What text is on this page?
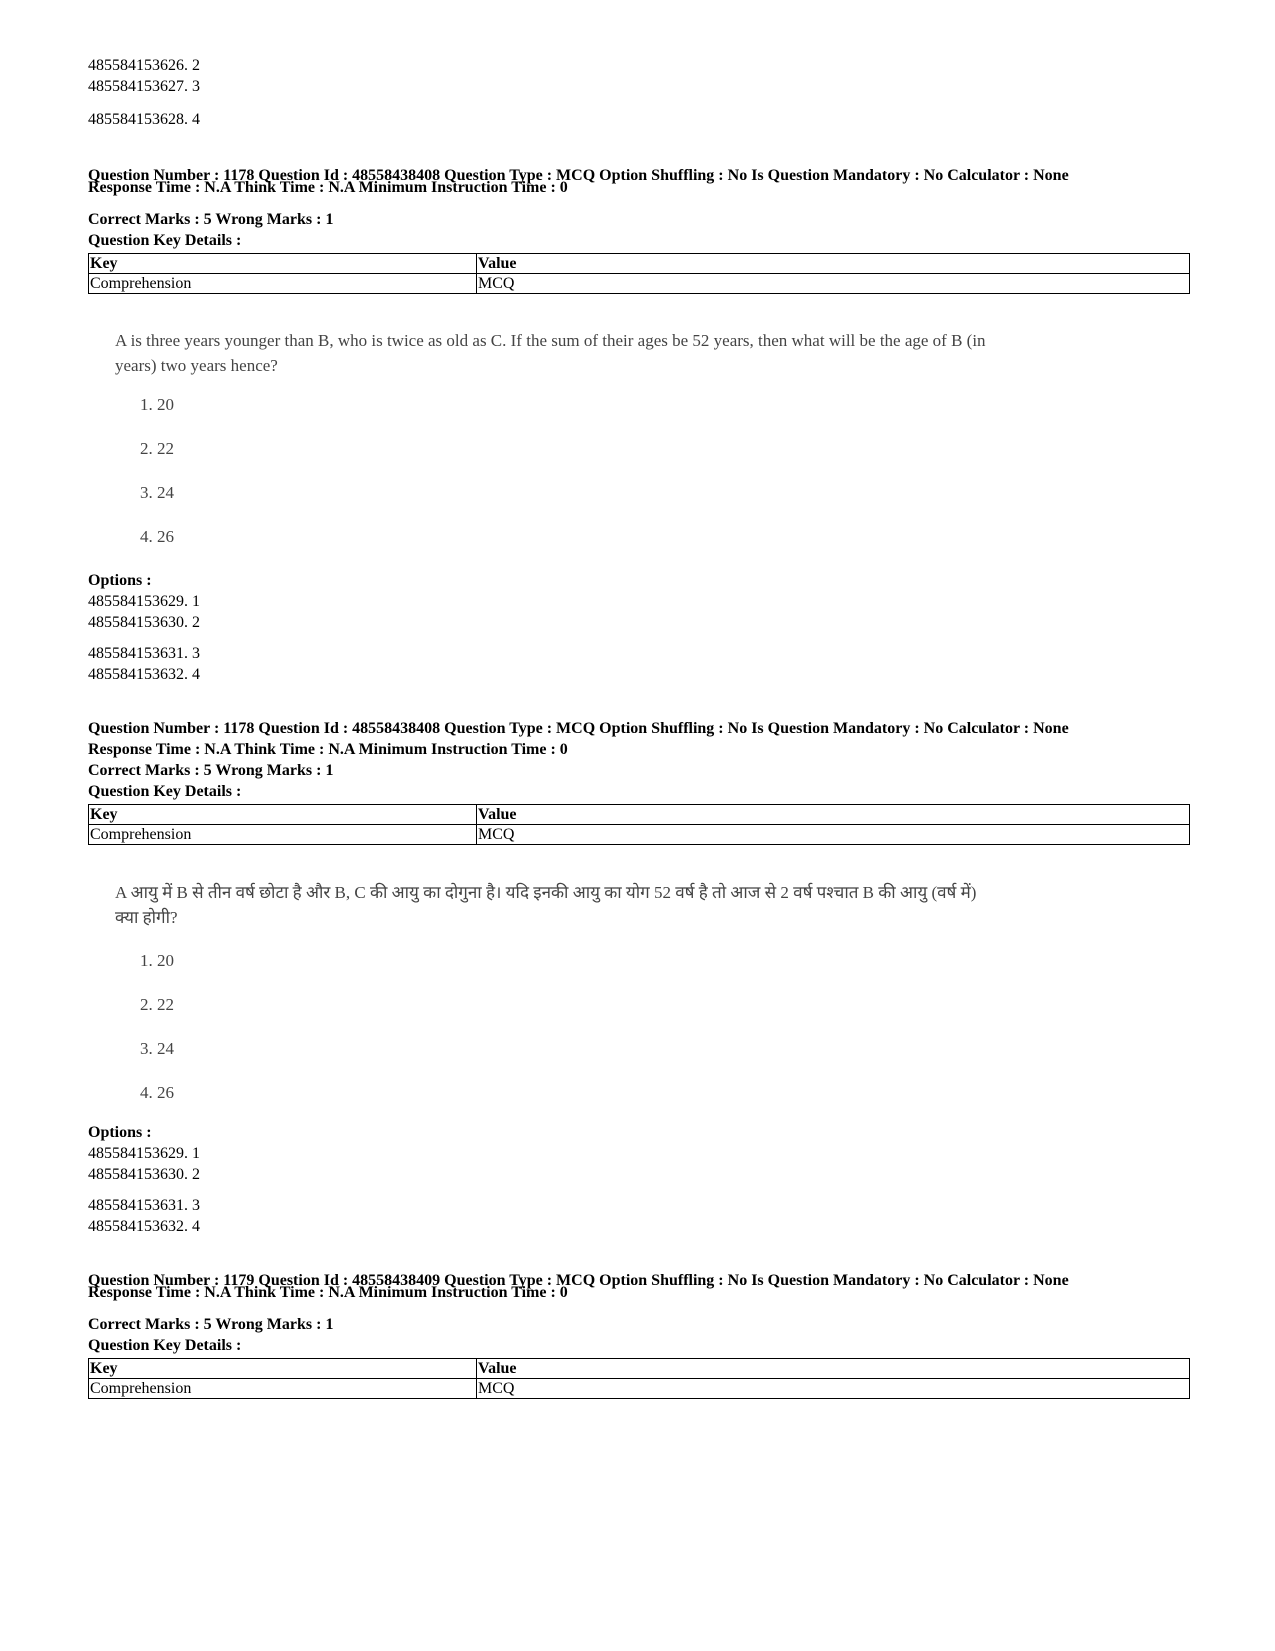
485584153626. 2
485584153627. 3
485584153628. 4
Question Number : 1178 Question Id : 48558438408 Question Type : MCQ Option Shuffling : No Is Question Mandatory : No Calculator : None
Response Time : N.A Think Time : N.A Minimum Instruction Time : 0
Correct Marks : 5 Wrong Marks : 1
Question Key Details :
Key	Value
Comprehension	MCQ
A is three years younger than B, who is twice as old as C. If the sum of their ages be 52 years, then what will be the age of B (in years) two years hence?
1. 20
2. 22
3. 24
4. 26
Options :
485584153629. 1
485584153630. 2
485584153631. 3
485584153632. 4
Question Number : 1178 Question Id : 48558438408 Question Type : MCQ Option Shuffling : No Is Question Mandatory : No Calculator : None
Response Time : N.A Think Time : N.A Minimum Instruction Time : 0
Correct Marks : 5 Wrong Marks : 1
Question Key Details :
Key	Value
Comprehension	MCQ
A आयु में B से तीन वर्ष छोटा है और B, C की आयु का दोगुना है। यदि इनकी आयु का योग 52 वर्ष है तो आज से 2 वर्ष पश्चात B की आयु (वर्ष में) क्या होगी?
1. 20
2. 22
3. 24
4. 26
Options :
485584153629. 1
485584153630. 2
485584153631. 3
485584153632. 4
Question Number : 1179 Question Id : 48558438409 Question Type : MCQ Option Shuffling : No Is Question Mandatory : No Calculator : None
Response Time : N.A Think Time : N.A Minimum Instruction Time : 0
Correct Marks : 5 Wrong Marks : 1
Question Key Details :
Key	Value
Comprehension	MCQ
